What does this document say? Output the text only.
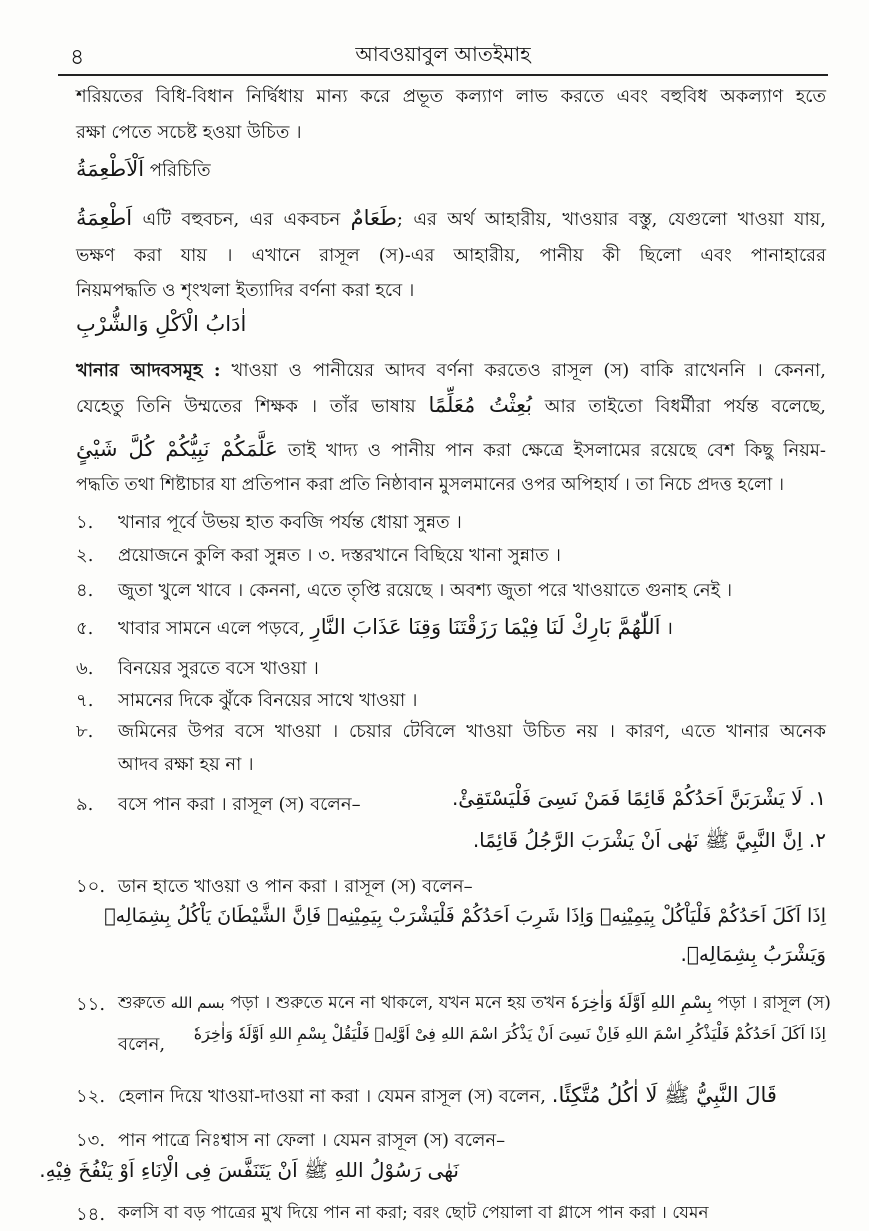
৪	আবওয়াবুল আতইমাহ
শরিয়তের বিধি-বিধান নির্দ্বিধায় মান্য করে প্রভূত কল্যাণ লাভ করতে এবং বহুবিধ অকল্যাণ হতে
রক্ষা পেতে সচেষ্ট হওয়া উচিত ।
اَلْاَطْعِمَةُ পরিচিতি
اَطْعِمَةُ এটি বহুবচন, এর একবচন طَعَامٌ; এর অর্থ আহারীয়, খাওয়ার বস্তু, যেগুলো খাওয়া যায়,
ভক্ষণ করা যায় । এখানে রাসূল (স)-এর আহারীয়, পানীয় কী ছিলো এবং পানাহারের
নিয়মপদ্ধতি ও শৃংখলা ইত্যাদির বর্ণনা করা হবে ।
اٰدَابُ الْاَكْلِ وَالشُّرْبِ
খানার আদবসমূহ : খাওয়া ও পানীয়ের আদব বর্ণনা করতেও রাসূল (স) বাকি রাখেননি । কেননা,
যেহেতু তিনি উম্মতের শিক্ষক । তাঁর ভাষায় بُعِثْتُ مُعَلِّمًا আর তাইতো বিধর্মীরা পর্যন্ত বলেছে,
عَلَّمَكُمْ نَبِيُّكُمْ كُلَّ شَيْئٍ তাই খাদ্য ও পানীয় পান করা ক্ষেত্রে ইসলামের রয়েছে বেশ কিছু নিয়ম-
পদ্ধতি তথা শিষ্টাচার যা প্রতিপান করা প্রতি নিষ্ঠাবান মুসলমানের ওপর অপিহার্য । তা নিচে প্রদত্ত হলো ।
১. খানার পূর্বে উভয় হাত কবজি পর্যন্ত ধোয়া সুন্নত ।
২. প্রয়োজনে কুলি করা সুন্নত । ৩. দস্তরখানে বিছিয়ে খানা সুন্নাত ।
৪. জুতা খুলে খাবে । কেননা, এতে তৃপ্তি রয়েছে । অবশ্য জুতা পরে খাওয়াতে গুনাহ নেই ।
৫. খাবার সামনে এলে পড়বে, اَللّٰهُمَّ بَارِكْ لَنَا فِيْمَا رَزَقْتَنَا وَقِنَا عَذَابَ النَّارِ ।
৬. বিনয়ের সুরতে বসে খাওয়া ।
৭. সামনের দিকে ঝুঁকে বিনয়ের সাথে খাওয়া ।
৮. জমিনের উপর বসে খাওয়া । চেয়ার টেবিলে খাওয়া উচিত নয় । কারণ, এতে খানার অনেক
আদব রক্ষা হয় না ।
৯. বসে পান করা । রাসূল (স) বলেন–	١. لَا يَشْرَبَنَّ اَحَدُكُمْ قَائِمًا فَمَنْ نَسِىَ فَلْيَسْتَقِئْ.
٢. اِنَّ النَّبِيَّ ﷺ نَهٰى اَنْ يَشْرَبَ الرَّجُلُ قَائِمًا.
১০. ডান হাতে খাওয়া ও পান করা । রাসূল (স) বলেন–
اِذَا اَكَلَ اَحَدُكُمْ فَلْيَاْكُلْ بِيَمِيْنِهٖ وَاِذَا شَرِبَ اَحَدُكُمْ فَلْيَشْرَبْ بِيَمِيْنِهٖ فَاِنَّ الشَّيْطَانَ يَاْكُلُ بِشِمَالِهٖ
وَيَشْرَبُ بِشِمَالِهٖ.
১১. শুরুতে بسم الله পড়া । শুরুতে মনে না থাকলে, যখন মনে হয় তখন بِسْمِ اللهِ اَوَّلَهٗ وَاٰخِرَهٗ পড়া । রাসূল (স)
বলেন,
اِذَا اَكَلَ اَحَدُكُمْ فَلْيَذْكُرِ اسْمَ اللهِ فَاِنْ نَسِىَ اَنْ يَذْكُرَ اسْمَ اللهِ فِىْ اَوَّلِهٖ فَلْيَقُلْ بِسْمِ اللهِ اَوَّلَهٗ وَاٰخِرَهٗ
১২. হেলান দিয়ে খাওয়া-দাওয়া না করা । যেমন রাসূল (স) বলেন, قَالَ النَّبِيُّ ﷺ لَا اٰكُلُ مُتَّكِئًا.
১৩. পান পাত্রে নিঃশ্বাস না ফেলা । যেমন রাসূল (স) বলেন–
نَهٰى رَسُوْلُ اللهِ ﷺ اَنْ يَتَنَفَّسَ فِى الْاِنَاءِ اَوْ يَنْفُخَ فِيْهِ.
১৪. কলসি বা বড় পাত্রের মুখ দিয়ে পান না করা; বরং ছোট পেয়ালা বা গ্লাসে পান করা । যেমন
